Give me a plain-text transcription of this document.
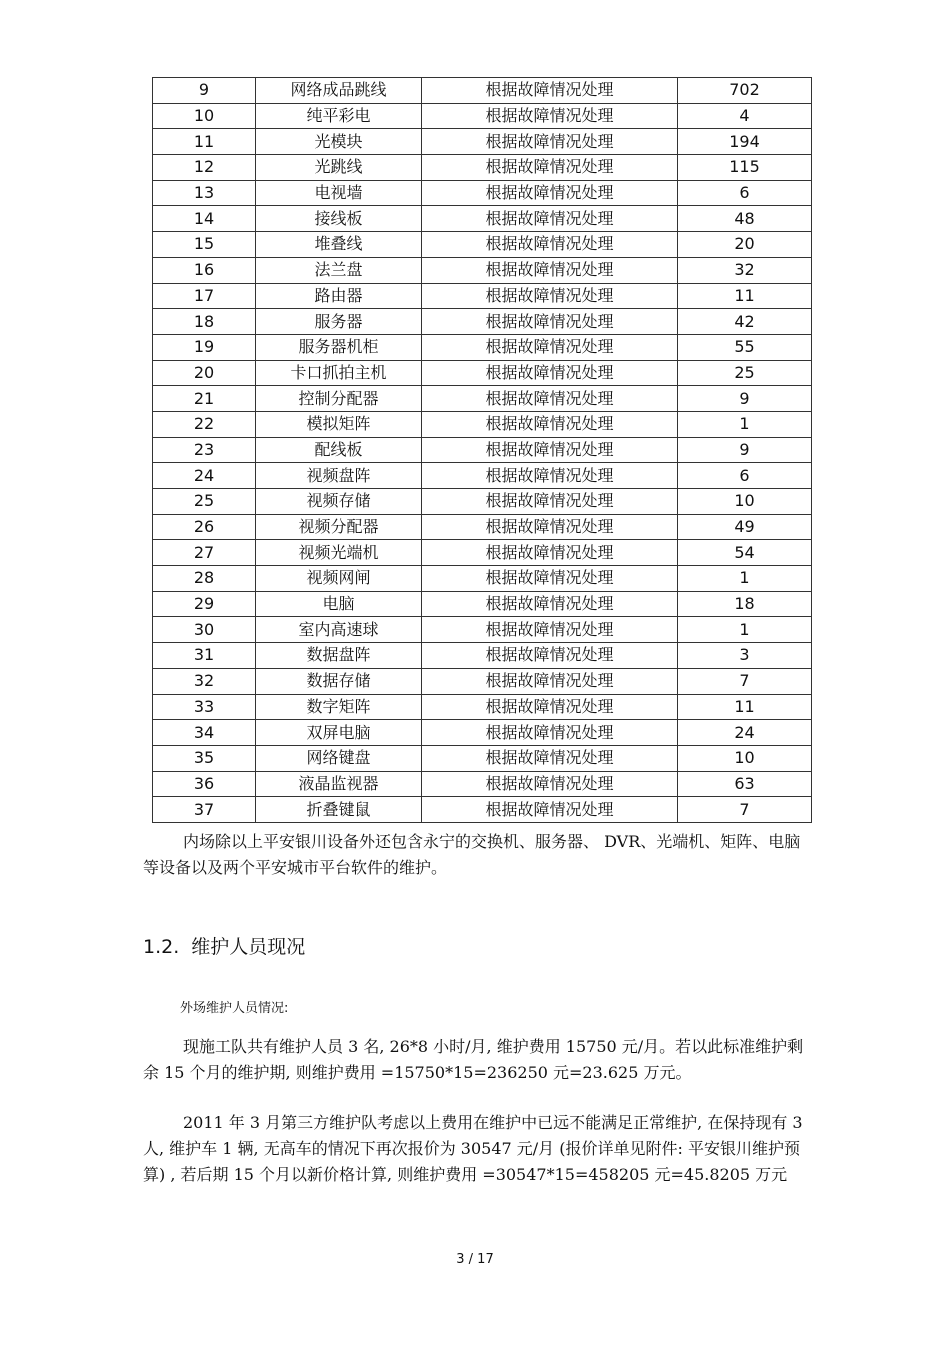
9	网络成品跳线	根据故障情况处理	702
10	纯平彩电	根据故障情况处理	4
11	光模块	根据故障情况处理	194
12	光跳线	根据故障情况处理	115
13	电视墙	根据故障情况处理	6
14	接线板	根据故障情况处理	48
15	堆叠线	根据故障情况处理	20
16	法兰盘	根据故障情况处理	32
17	路由器	根据故障情况处理	11
18	服务器	根据故障情况处理	42
19	服务器机柜	根据故障情况处理	55
20	卡口抓拍主机	根据故障情况处理	25
21	控制分配器	根据故障情况处理	9
22	模拟矩阵	根据故障情况处理	1
23	配线板	根据故障情况处理	9
24	视频盘阵	根据故障情况处理	6
25	视频存储	根据故障情况处理	10
26	视频分配器	根据故障情况处理	49
27	视频光端机	根据故障情况处理	54
28	视频网闸	根据故障情况处理	1
29	电脑	根据故障情况处理	18
30	室内高速球	根据故障情况处理	1
31	数据盘阵	根据故障情况处理	3
32	数据存储	根据故障情况处理	7
33	数字矩阵	根据故障情况处理	11
34	双屏电脑	根据故障情况处理	24
35	网络键盘	根据故障情况处理	10
36	液晶监视器	根据故障情况处理	63
37	折叠键鼠	根据故障情况处理	7

内场除以上平安银川设备外还包含永宁的交换机、服务器、 DVR、光端机、矩阵、电脑等设备以及两个平安城市平台软件的维护。

1.2. 维护人员现况

外场维护人员情况:

现施工队共有维护人员 3 名, 26*8 小时/月, 维护费用 15750 元/月。若以此标准维护剩余 15 个月的维护期, 则维护费用 =15750*15=236250 元=23.625 万元。

2011 年 3 月第三方维护队考虑以上费用在维护中已远不能满足正常维护, 在保持现有 3 人, 维护车 1 辆, 无高车的情况下再次报价为 30547 元/月 (报价详单见附件: 平安银川维护预算) , 若后期 15 个月以新价格计算, 则维护费用 =30547*15=458205 元=45.8205 万元

3 / 17
